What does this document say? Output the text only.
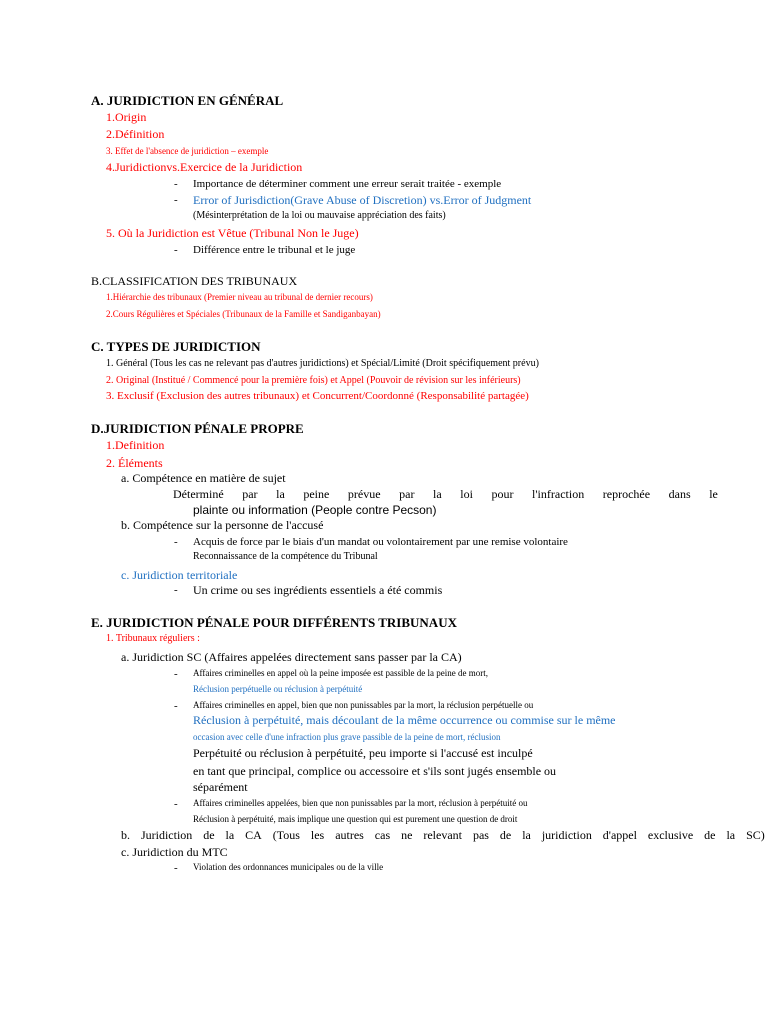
A. JURIDICTION EN GÉNÉRAL
1.Origin
2.Définition
3. Effet de l'absence de juridiction – exemple
4.Juridictionvs.Exercice de la Juridiction
- Importance de déterminer comment une erreur serait traitée - exemple
- Error of Jurisdiction(Grave Abuse of Discretion) vs.Error of Judgment
(Mésinterprétation de la loi ou mauvaise appréciation des faits)
5. Où la Juridiction est Vêtue (Tribunal Non le Juge)
- Différence entre le tribunal et le juge
B.CLASSIFICATION DES TRIBUNAUX
1.Hiérarchie des tribunaux (Premier niveau au tribunal de dernier recours)
2.Cours Régulières et Spéciales (Tribunaux de la Famille et Sandiganbayan)
C. TYPES DE JURIDICTION
1. Général (Tous les cas ne relevant pas d'autres juridictions) et Spécial/Limité (Droit spécifiquement prévu)
2. Original (Institué / Commencé pour la première fois) et Appel (Pouvoir de révision sur les inférieurs)
3. Exclusif (Exclusion des autres tribunaux) et Concurrent/Coordonné (Responsabilité partagée)
D.JURIDICTION PÉNALE PROPRE
1.Definition
2. Éléments
a. Compétence en matière de sujet
Déterminé par la peine prévue par la loi pour l'infraction reprochée dans le
plainte ou information (People contre Pecson)
b. Compétence sur la personne de l'accusé
- Acquis de force par le biais d'un mandat ou volontairement par une remise volontaire
Reconnaissance de la compétence du Tribunal
c. Juridiction territoriale
- Un crime ou ses ingrédients essentiels a été commis
E. JURIDICTION PÉNALE POUR DIFFÉRENTS TRIBUNAUX
1. Tribunaux réguliers :
a. Juridiction SC (Affaires appelées directement sans passer par la CA)
- Affaires criminelles en appel où la peine imposée est passible de la peine de mort,
Réclusion perpétuelle ou réclusion à perpétuité
- Affaires criminelles en appel, bien que non punissables par la mort, la réclusion perpétuelle ou
Réclusion à perpétuité, mais découlant de la même occurrence ou commise sur le même
occasion avec celle d'une infraction plus grave passible de la peine de mort, réclusion
Perpétuité ou réclusion à perpétuité, peu importe si l'accusé est inculpé
en tant que principal, complice ou accessoire et s'ils sont jugés ensemble ou
séparément
- Affaires criminelles appelées, bien que non punissables par la mort, réclusion à perpétuité ou
Réclusion à perpétuité, mais implique une question qui est purement une question de droit
b. Juridiction de la CA (Tous les autres cas ne relevant pas de la juridiction d'appel exclusive de la SC)
c. Juridiction du MTC
- Violation des ordonnances municipales ou de la ville
